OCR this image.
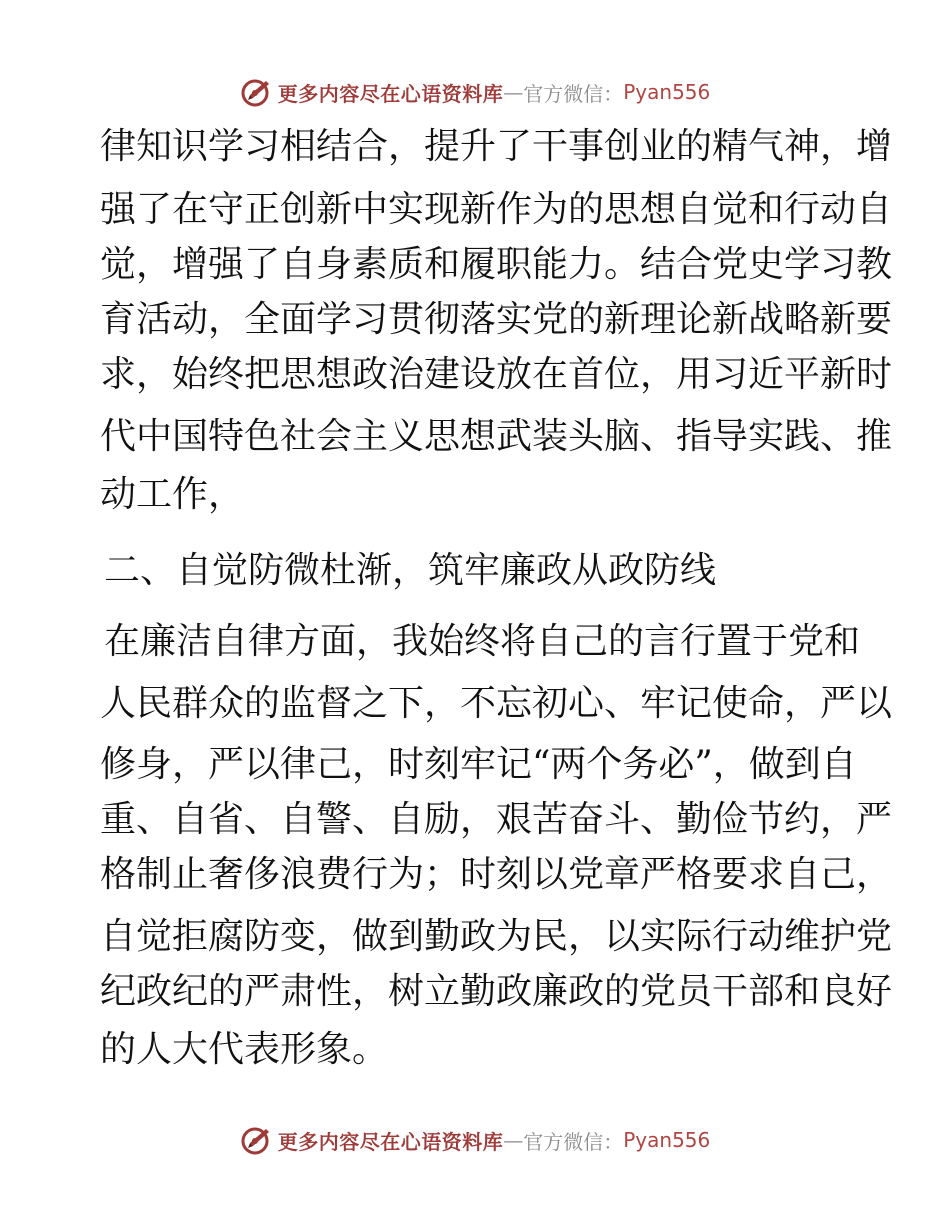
更多内容尽在心语资料库 — 官方微信： Pyan556
律知识学习相结合，提升了干事创业的精气神，增
强了在守正创新中实现新作为的思想自觉和行动自
觉，增强了自身素质和履职能力。结合党史学习教
育活动，全面学习贯彻落实党的新理论新战略新要
求，始终把思想政治建设放在首位，用习近平新时
代中国特色社会主义思想武装头脑、指导实践、推
动工作，
二、自觉防微杜渐，筑牢廉政从政防线
在廉洁自律方面，我始终将自己的言行置于党和
人民群众的监督之下，不忘初心、牢记使命，严以
修身，严以律己，时刻牢记“两个务必”，做到自
重、自省、自警、自励，艰苦奋斗、勤俭节约，严
格制止奢侈浪费行为；时刻以党章严格要求自己，
自觉拒腐防变，做到勤政为民，以实际行动维护党
纪政纪的严肃性，树立勤政廉政的党员干部和良好
的人大代表形象。
更多内容尽在心语资料库 — 官方微信： Pyan556
